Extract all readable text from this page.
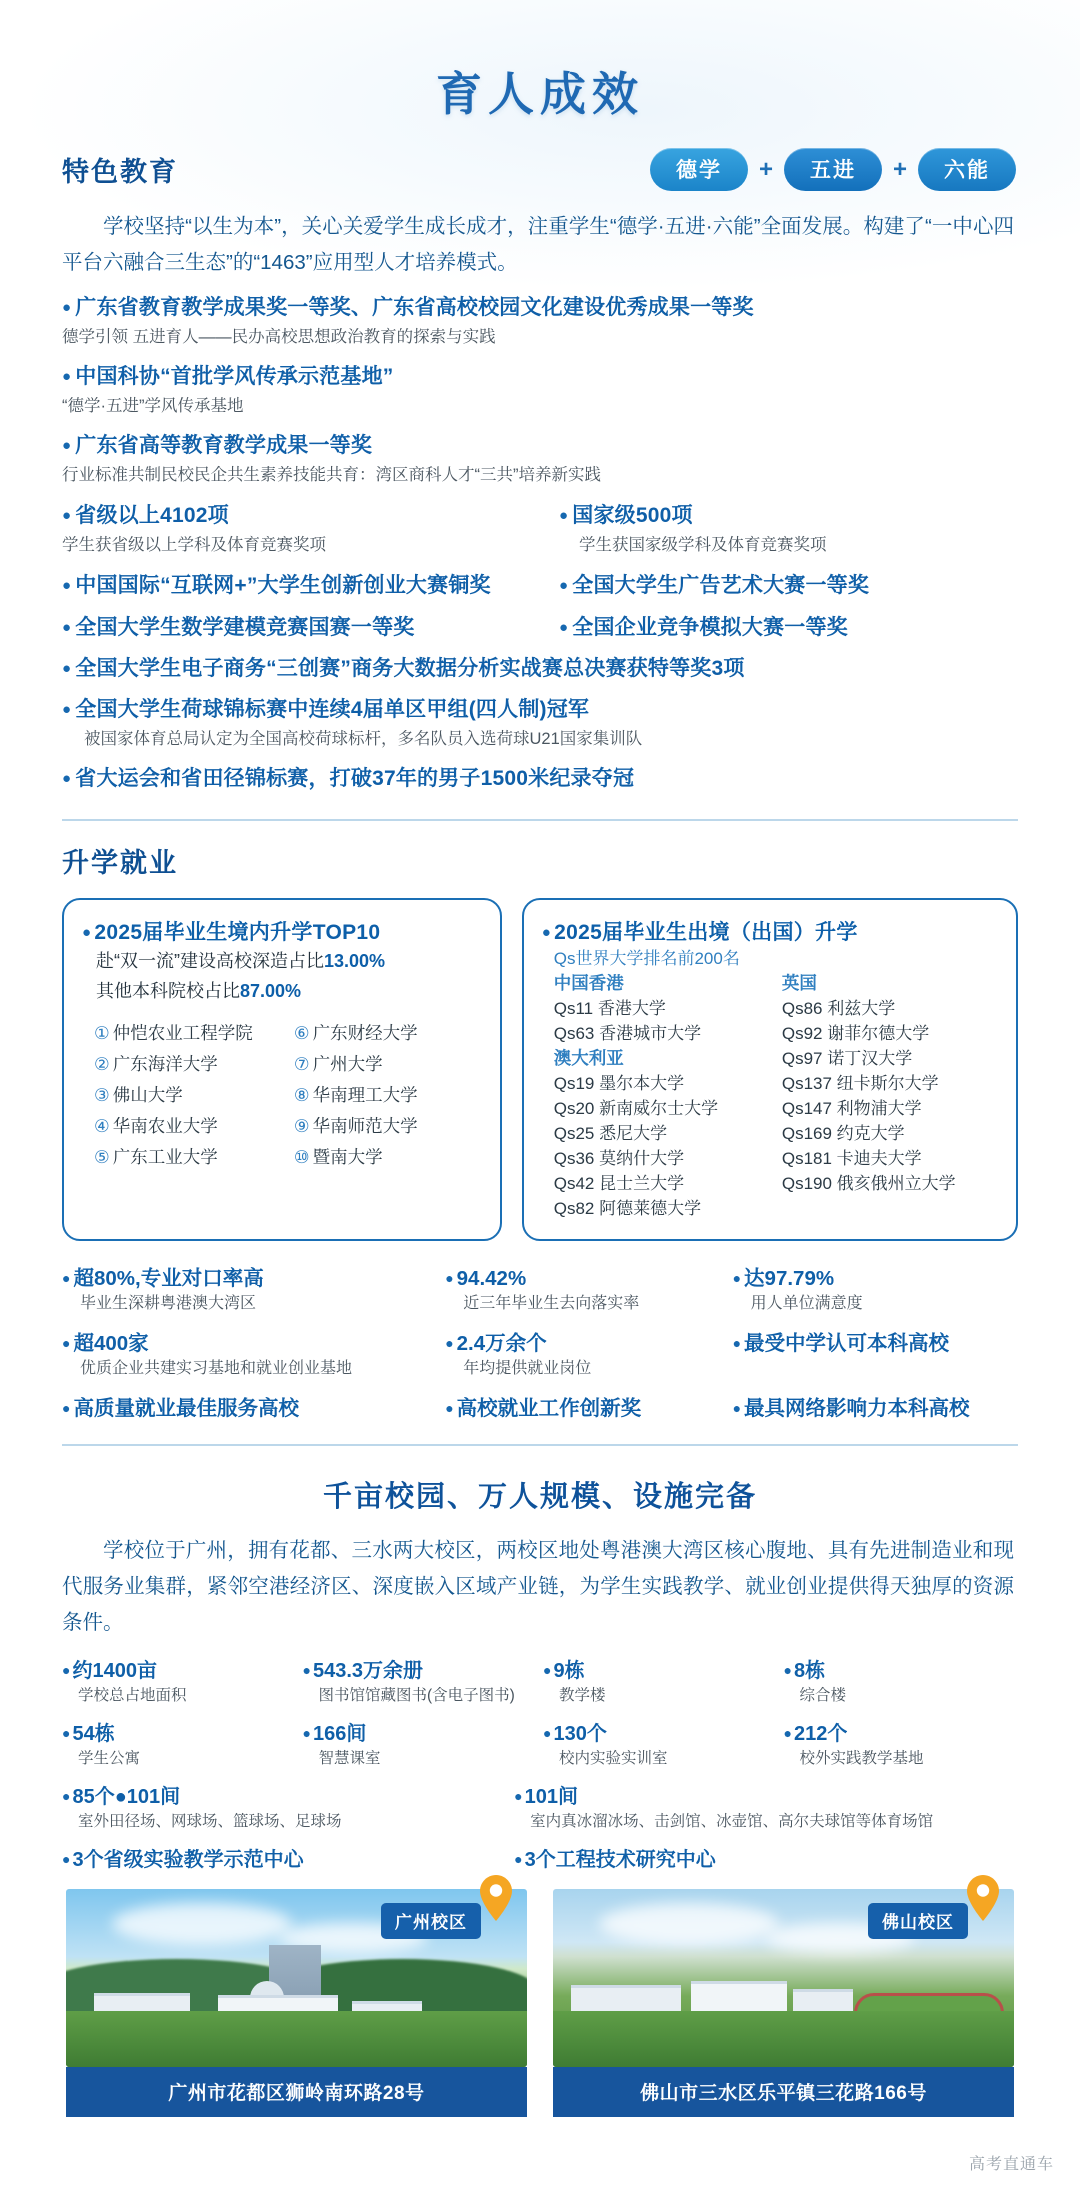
育人成效
特色教育	德学	+	五进	+	六能
学校坚持“以生为本”，关心关爱学生成长成才，注重学生“德学·五进·六能”全面发展。构建了“一中心四平台六融合三生态”的“1463”应用型人才培养模式。
● 广东省教育教学成果奖一等奖、广东省高校校园文化建设优秀成果一等奖
德学引领 五进育人――民办高校思想政治教育的探索与实践
● 中国科协“首批学风传承示范基地”
“德学·五进”学风传承基地
● 广东省高等教育教学成果一等奖
行业标准共制民校民企共生素养技能共育：湾区商科人才“三共”培养新实践
● 省级以上4102项
学生获省级以上学科及体育竞赛奖项
● 国家级500项
学生获国家级学科及体育竞赛奖项
● 中国国际“互联网+”大学生创新创业大赛铜奖	● 全国大学生广告艺术大赛一等奖
● 全国大学生数学建模竞赛国赛一等奖	● 全国企业竞争模拟大赛一等奖
● 全国大学生电子商务“三创赛”商务大数据分析实战赛总决赛获特等奖3项
● 全国大学生荷球锦标赛中连续4届单区甲组(四人制)冠军
被国家体育总局认定为全国高校荷球标杆，多名队员入选荷球U21国家集训队
● 省大运会和省田径锦标赛，打破37年的男子1500米纪录夺冠
升学就业
● 2025届毕业生境内升学TOP10
赴“双一流”建设高校深造占比13.00%
其他本科院校占比87.00%
① 仲恺农业工程学院
② 广东海洋大学
③ 佛山大学
④ 华南农业大学
⑤ 广东工业大学
⑥ 广东财经大学
⑦ 广州大学
⑧ 华南理工大学
⑨ 华南师范大学
⑩ 暨南大学
● 2025届毕业生出境（出国）升学
Qs世界大学排名前200名
中国香港
Qs11 香港大学
Qs63 香港城市大学
澳大利亚
Qs19 墨尔本大学
Qs20 新南威尔士大学
Qs25 悉尼大学
Qs36 莫纳什大学
Qs42 昆士兰大学
Qs82 阿德莱德大学
英国
Qs86 利兹大学
Qs92 谢菲尔德大学
Qs97 诺丁汉大学
Qs137 纽卡斯尔大学
Qs147 利物浦大学
Qs169 约克大学
Qs181 卡迪夫大学
Qs190 俄亥俄州立大学
● 超80%,专业对口率高
毕业生深耕粤港澳大湾区
● 94.42%
近三年毕业生去向落实率
● 达97.79%
用人单位满意度
● 超400家
优质企业共建实习基地和就业创业基地
● 2.4万余个
年均提供就业岗位
● 最受中学认可本科高校
● 高质量就业最佳服务高校	● 高校就业工作创新奖	● 最具网络影响力本科高校
千亩校园、万人规模、设施完备
学校位于广州，拥有花都、三水两大校区，两校区地处粤港澳大湾区核心腹地、具有先进制造业和现代服务业集群，紧邻空港经济区、深度嵌入区域产业链，为学生实践教学、就业创业提供得天独厚的资源条件。
● 约1400亩
学校总占地面积
● 543.3万余册
图书馆馆藏图书(含电子图书)
● 9栋
教学楼
● 8栋
综合楼
● 54栋
学生公寓
● 166间
智慧课室
● 130个
校内实验实训室
● 212个
校外实践教学基地
● 85个●101间
室外田径场、网球场、篮球场、足球场
● 101间
室内真冰溜冰场、击剑馆、冰壶馆、高尔夫球馆等体育场馆
● 3个省级实验教学示范中心	● 3个工程技术研究中心
广州校区
广州市花都区狮岭南环路28号
佛山校区
佛山市三水区乐平镇三花路166号
高考直通车
